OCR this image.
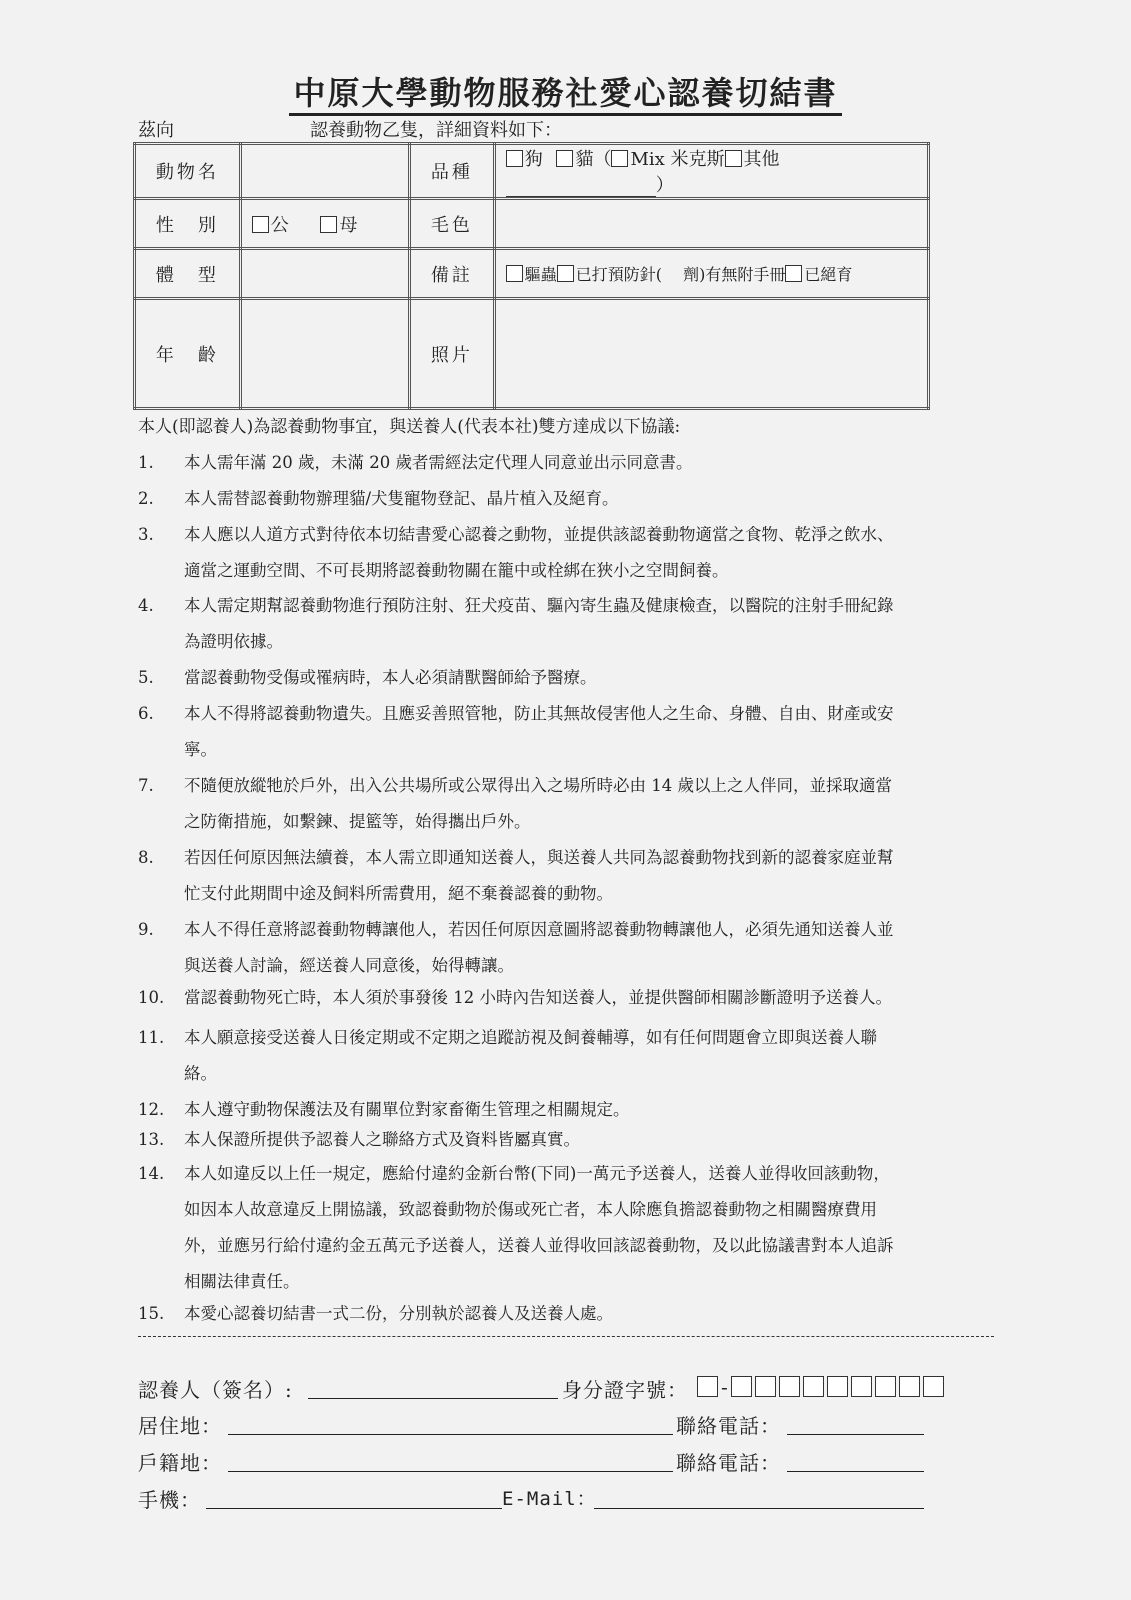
中原大學動物服務社愛心認養切結書
茲向	認養動物乙隻，詳細資料如下：
動物名		品種	狗 貓（ Mix 米克斯 其他 ）
性　別	公 母	毛色	
體　型		備註	驅蟲 已打預防針(　 劑)有無附手冊 已絕育
年　齡		照片	
本人(即認養人)為認養動物事宜，與送養人(代表本社)雙方達成以下協議:
1. 本人需年滿 20 歲，未滿 20 歲者需經法定代理人同意並出示同意書。
2. 本人需替認養動物辦理貓/犬隻寵物登記、晶片植入及絕育。
3. 本人應以人道方式對待依本切結書愛心認養之動物，並提供該認養動物適當之食物、乾淨之飲水、
適當之運動空間、不可長期將認養動物關在籠中或栓綁在狹小之空間飼養。
4. 本人需定期幫認養動物進行預防注射、狂犬疫苗、驅內寄生蟲及健康檢查，以醫院的注射手冊紀錄
為證明依據。
5. 當認養動物受傷或罹病時，本人必須請獸醫師給予醫療。
6. 本人不得將認養動物遺失。且應妥善照管牠，防止其無故侵害他人之生命、身體、自由、財產或安
寧。
7. 不隨便放縱牠於戶外，出入公共場所或公眾得出入之場所時必由 14 歲以上之人伴同，並採取適當
之防衛措施，如繫鍊、提籃等，始得攜出戶外。
8. 若因任何原因無法續養，本人需立即通知送養人，與送養人共同為認養動物找到新的認養家庭並幫
忙支付此期間中途及飼料所需費用，絕不棄養認養的動物。
9. 本人不得任意將認養動物轉讓他人，若因任何原因意圖將認養動物轉讓他人，必須先通知送養人並
與送養人討論，經送養人同意後，始得轉讓。
10. 當認養動物死亡時，本人須於事發後 12 小時內告知送養人，並提供醫師相關診斷證明予送養人。
11. 本人願意接受送養人日後定期或不定期之追蹤訪視及飼養輔導，如有任何問題會立即與送養人聯
絡。
12. 本人遵守動物保護法及有關單位對家畜衛生管理之相關規定。
13. 本人保證所提供予認養人之聯絡方式及資料皆屬真實。
14. 本人如違反以上任一規定，應給付違約金新台幣(下同)一萬元予送養人，送養人並得收回該動物，
如因本人故意違反上開協議，致認養動物於傷或死亡者，本人除應負擔認養動物之相關醫療費用
外，並應另行給付違約金五萬元予送養人，送養人並得收回該認養動物，及以此協議書對本人追訴
相關法律責任。
15. 本愛心認養切結書一式二份，分別執於認養人及送養人處。
認養人（簽名）:	身分證字號： -
居住地：	聯絡電話：
戶籍地：	聯絡電話：
手機：	E-Mail：
